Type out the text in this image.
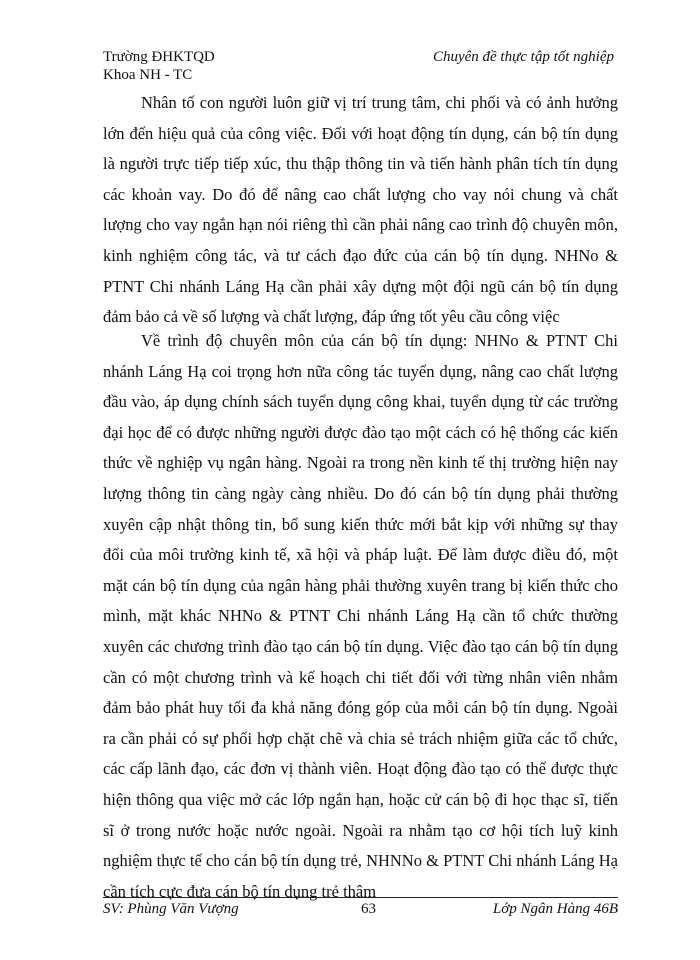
Trường ĐHKTQD	Chuyên đề thực tập tốt nghiệp
Khoa NH - TC

Nhân tố con người luôn giữ vị trí trung tâm, chi phối và có ảnh hưởng lớn đến hiệu quả của công việc. Đối với hoạt động tín dụng, cán bộ tín dụng là người trực tiếp tiếp xúc, thu thập thông tin và tiến hành phân tích tín dụng các khoản vay. Do đó để nâng cao chất lượng cho vay nói chung và chất lượng cho vay ngắn hạn nói riêng thì cần phải nâng cao trình độ chuyên môn, kinh nghiệm công tác, và tư cách đạo đức của cán bộ tín dụng. NHNo & PTNT Chi nhánh Láng Hạ cần phải xây dựng một đội ngũ cán bộ tín dụng đảm bảo cả về số lượng và chất lượng, đáp ứng tốt yêu cầu công việc

Về trình độ chuyên môn của cán bộ tín dụng: NHNo & PTNT Chi nhánh Láng Hạ coi trọng hơn nữa công tác tuyển dụng, nâng cao chất lượng đầu vào, áp dụng chính sách tuyển dụng công khai, tuyển dụng từ các trường đại học để có được những người được đào tạo một cách có hệ thống các kiến thức về nghiệp vụ ngân hàng. Ngoài ra trong nền kinh tế thị trường hiện nay lượng thông tin càng ngày càng nhiều. Do đó cán bộ tín dụng phải thường xuyên cập nhật thông tin, bổ sung kiến thức mới bắt kịp với những sự thay đổi của môi trường kinh tế, xã hội và pháp luật. Để làm được điều đó, một mặt cán bộ tín dụng của ngân hàng phải thường xuyên trang bị kiến thức cho mình, mặt khác NHNo & PTNT Chi nhánh Láng Hạ cần tổ chức thường xuyên các chương trình đào tạo cán bộ tín dụng. Việc đào tạo cán bộ tín dụng cần có một chương trình và kế hoạch chi tiết đối với từng nhân viên nhằm đảm bảo phát huy tối đa khả năng đóng góp của mỗi cán bộ tín dụng. Ngoài ra cần phải có sự phối hợp chặt chẽ và chia sẻ trách nhiệm giữa các tổ chức, các cấp lãnh đạo, các đơn vị thành viên. Hoạt động đào tạo có thể được thực hiện thông qua việc mở các lớp ngắn hạn, hoặc cử cán bộ đi học thạc sĩ, tiến sĩ ở trong nước hoặc nước ngoài. Ngoài ra nhằm tạo cơ hội tích luỹ kinh nghiệm thực tế cho cán bộ tín dụng trẻ, NHNNo & PTNT Chi nhánh Láng Hạ cần tích cực đưa cán bộ tín dụng trẻ thâm

SV: Phùng Văn Vượng	63	Lớp Ngân Hàng 46B
